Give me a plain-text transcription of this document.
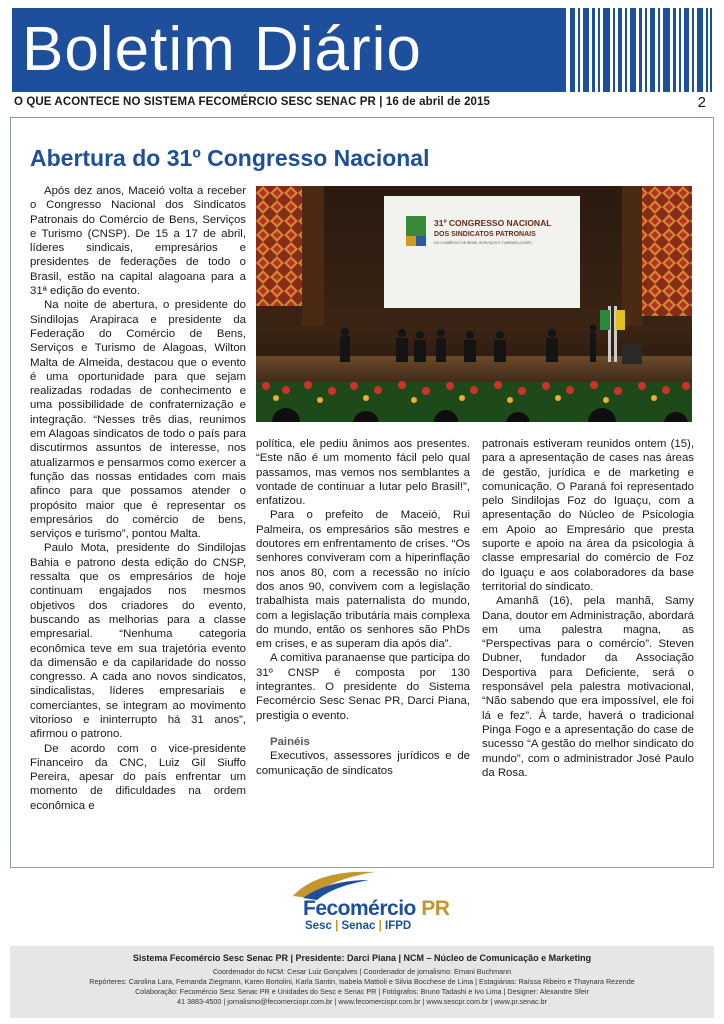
Boletim Diário
O QUE ACONTECE NO SISTEMA FECOMÉRCIO SESC SENAC PR | 16 de abril de 2015	2
Abertura do 31º Congresso Nacional

Após dez anos, Maceió volta a receber o Congresso Nacional dos Sindicatos Patronais do Comércio de Bens, Serviços e Turismo (CNSP). De 15 a 17 de abril, líderes sindicais, empresários e presidentes de federações de todo o Brasil, estão na capital alagoana para a 31ª edição do evento.

Na noite de abertura, o presidente do Sindilojas Arapiraca e presidente da Federação do Comércio de Bens, Serviços e Turismo de Alagoas, Wilton Malta de Almeida, destacou que o evento é uma oportunidade para que sejam realizadas rodadas de conhecimento e uma possibilidade de confraternização e integração. “Nesses três dias, reunimos em Alagoas sindicatos de todo o país para discutirmos assuntos de interesse, nos atualizarmos e pensarmos como exercer a função das nossas entidades com mais afinco para que possamos atender o propósito maior que é representar os empresários do comércio de bens, serviços e turismo”, pontou Malta.

Paulo Mota, presidente do Sindilojas Bahia e patrono desta edição do CNSP, ressalta que os empresários de hoje continuam engajados nos mesmos objetivos dos criadores do evento, buscando as melhorias para a classe empresarial. “Nenhuma categoria econômica teve em sua trajetória evento da dimensão e da capilaridade do nosso congresso. A cada ano novos sindicatos, sindicalistas, líderes empresariais e comerciantes, se integram ao movimento vitorioso e ininterrupto há 31 anos”, afirmou o patrono.

De acordo com o vice-presidente Financeiro da CNC, Luiz Gil Siuffo Pereira, apesar do país enfrentar um momento de dificuldades na ordem econômica e

31º CONGRESSO NACIONAL
DOS SINDICATOS PATRONAIS
DO COMÉRCIO DE BENS, SERVIÇOS E TURISMO (CNSP)

política, ele pediu ânimos aos presentes. “Este não é um momento fácil pelo qual passamos, mas vemos nos semblantes a vontade de continuar a lutar pelo Brasil!”, enfatizou.

Para o prefeito de Maceió, Rui Palmeira, os empresários são mestres e doutores em enfrentamento de crises. “Os senhores conviveram com a hiperinflação nos anos 80, com a recessão no início dos anos 90, convivem com a legislação trabalhista mais paternalista do mundo, com a legislação tributária mais complexa do mundo, então os senhores são PhDs em crises, e as superam dia após dia”.

A comitiva paranaense que participa do 31º CNSP é composta por 130 integrantes. O presidente do Sistema Fecomércio Sesc Senac PR, Darci Piana, prestigia o evento.

Painéis

Executivos, assessores jurídicos e de comunicação de sindicatos

patronais estiveram reunidos ontem (15), para a apresentação de cases nas áreas de gestão, jurídica e de marketing e comunicação. O Paraná foi representado pelo Sindilojas Foz do Iguaçu, com a apresentação do Núcleo de Psicologia em Apoio ao Empresário que presta suporte e apoio na área da psicologia à classe empresarial do comércio de Foz do Iguaçu e aos colaboradores da base territorial do sindicato.

Amanhã (16), pela manhã, Samy Dana, doutor em Administração, abordará em uma palestra magna, as “Perspectivas para o comércio”. Steven Dubner, fundador da Associação Desportiva para Deficiente, será o responsável pela palestra motivacional, “Não sabendo que era impossível, ele foi lá e fez”. À tarde, haverá o tradicional Pinga Fogo e a apresentação do case de sucesso “A gestão do melhor sindicato do mundo”, com o administrador José Paulo da Rosa.

Fecomércio PR
Sesc | Senac | IFPD
Sistema Fecomércio Sesc Senac PR | Presidente: Darci Piana | NCM – Núcleo de Comunicação e Marketing
Coordenador do NCM: Cesar Luiz Gonçalves | Coordenador de jornalismo: Ernani Buchmann
Repórteres: Carolina Lara, Fernanda Ziegmann, Karen Bortolini, Karla Santin, Isabela Mattioli e Silvia Bocchese de Lima | Estagiárias: Raíssa Ribeiro e Thaynara Rezende
Colaboração: Fecomércio Sesc Senac PR e Unidades do Sesc e Senac PR | Fotógrafos: Bruno Tadashi e Ivo Lima | Designer: Alexandre Sfeir
41 3883-4500 | jornalismo@fecomerciopr.com.br | www.fecomerciopr.com.br | www.sescpr.com.br | www.pr.senac.br
